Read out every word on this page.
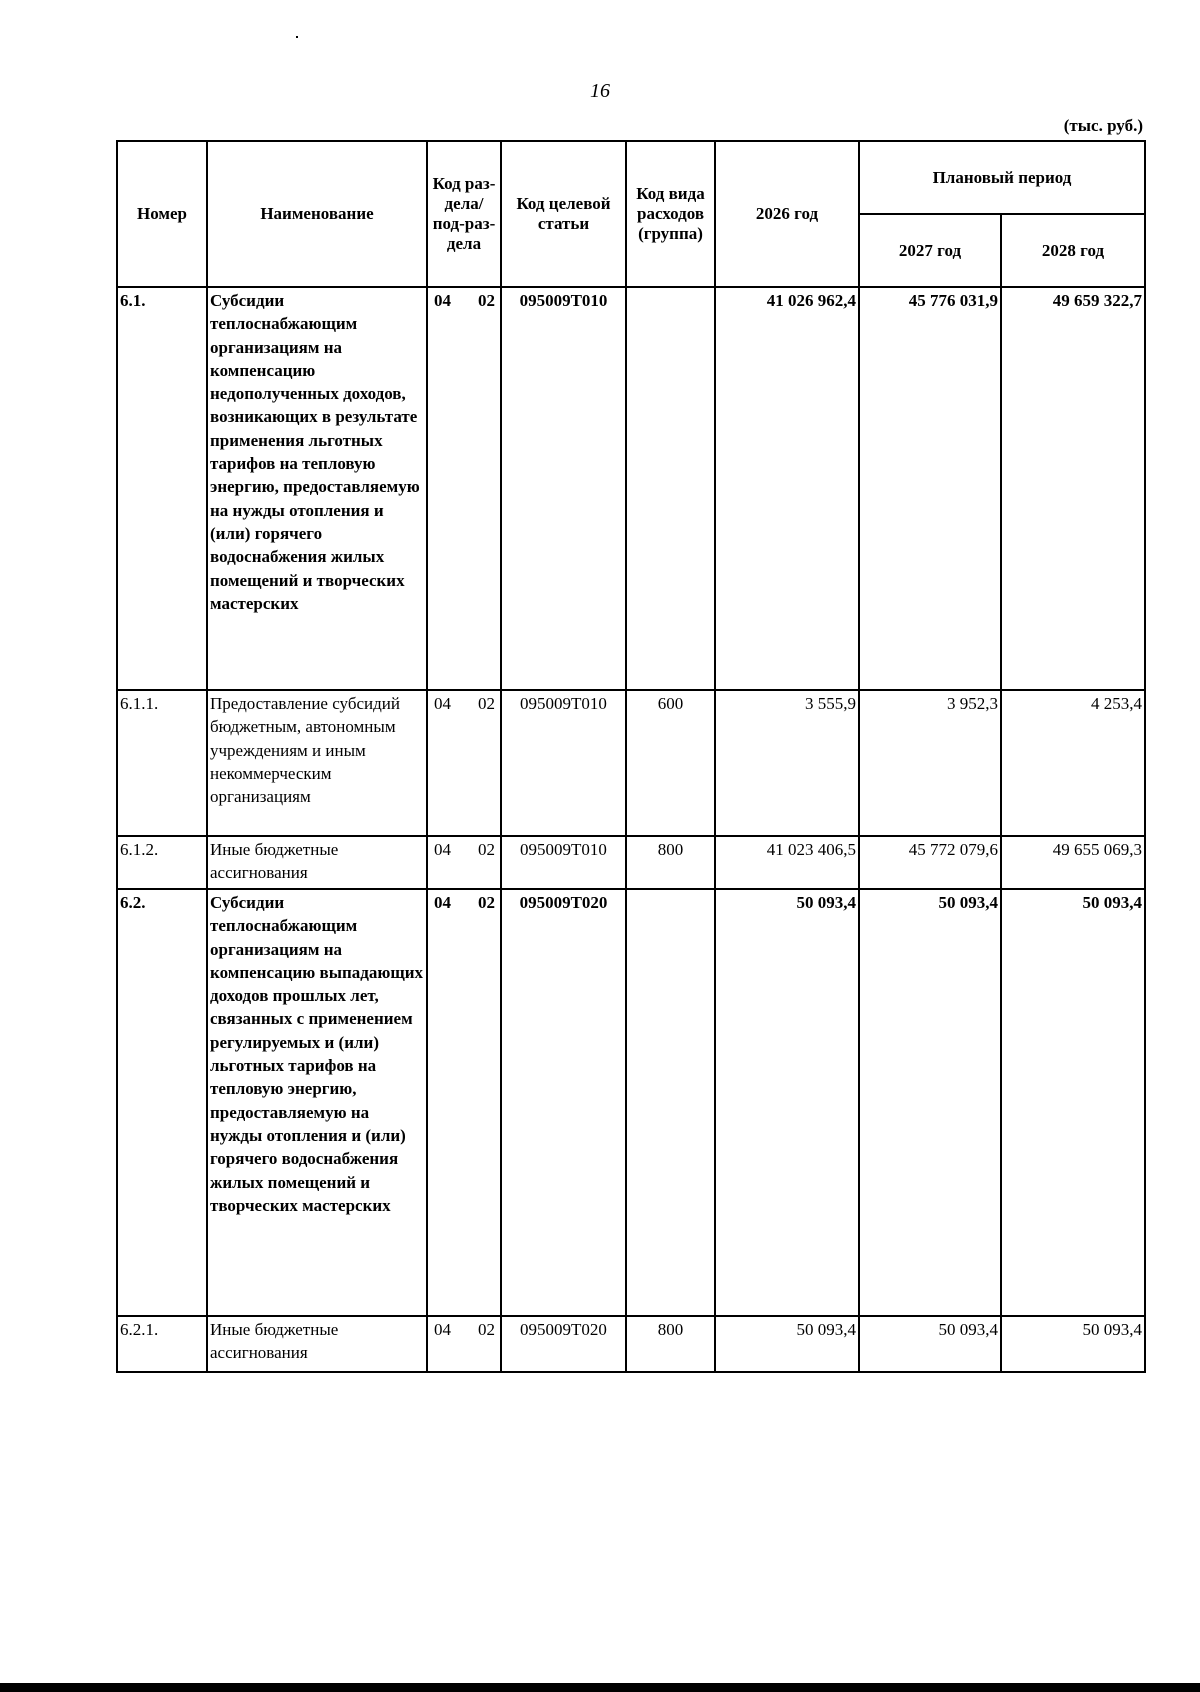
16
(тыс. руб.)
Номер	Наименование	Код раз-дела/ под-раз-дела	Код целевой статьи	Код вида расходов (группа)	2026 год	Плановый период	
						2027 год	2028 год
6.1.	Субсидии теплоснабжающим организациям на компенсацию недополученных доходов, возникающих в результате применения льготных тарифов на тепловую энергию, предоставляемую на нужды отопления и (или) горячего водоснабжения жилых помещений и творческих мастерских	04 02	095009Т010		41 026 962,4	45 776 031,9	49 659 322,7
6.1.1.	Предоставление субсидий бюджетным, автономным учреждениям и иным некоммерческим организациям	04 02	095009Т010	600	3 555,9	3 952,3	4 253,4
6.1.2.	Иные бюджетные ассигнования	04 02	095009Т010	800	41 023 406,5	45 772 079,6	49 655 069,3
6.2.	Субсидии теплоснабжающим организациям на компенсацию выпадающих доходов прошлых лет, связанных с применением регулируемых и (или) льготных тарифов на тепловую энергию, предоставляемую на нужды отопления и (или) горячего водоснабжения жилых помещений и творческих мастерских	04 02	095009Т020		50 093,4	50 093,4	50 093,4
6.2.1.	Иные бюджетные ассигнования	04 02	095009Т020	800	50 093,4	50 093,4	50 093,4
